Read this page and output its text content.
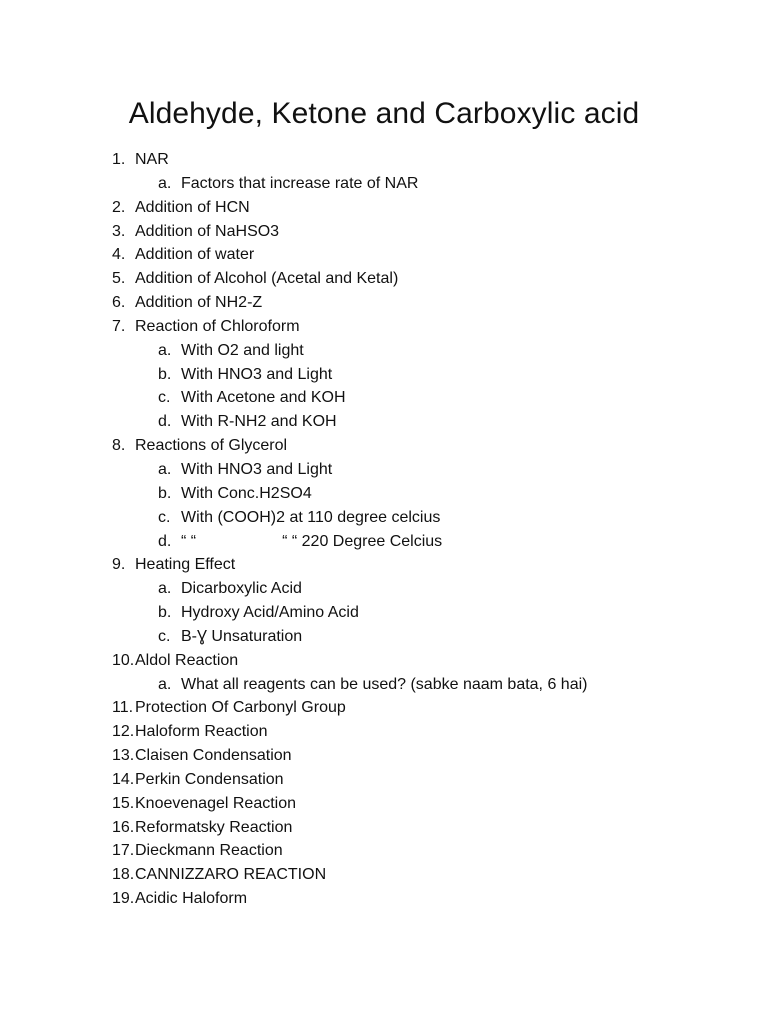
Aldehyde, Ketone and Carboxylic acid
1. NAR
a. Factors that increase rate of NAR
2. Addition of HCN
3. Addition of NaHSO3
4. Addition of water
5. Addition of Alcohol (Acetal and Ketal)
6. Addition of NH2-Z
7. Reaction of Chloroform
a. With O2 and light
b. With HNO3 and Light
c. With Acetone and KOH
d. With R-NH2 and KOH
8. Reactions of Glycerol
a. With HNO3 and Light
b. With Conc.H2SO4
c. With (COOH)2 at 110 degree celcius
d. “ “	“ “ 220 Degree Celcius
9. Heating Effect
a. Dicarboxylic Acid
b. Hydroxy Acid/Amino Acid
c. B-Ɣ Unsaturation
10. Aldol Reaction
a. What all reagents can be used? (sabke naam bata, 6 hai)
11. Protection Of Carbonyl Group
12. Haloform Reaction
13. Claisen Condensation
14. Perkin Condensation
15. Knoevenagel Reaction
16. Reformatsky Reaction
17. Dieckmann Reaction
18. CANNIZZARO REACTION
19. Acidic Haloform
